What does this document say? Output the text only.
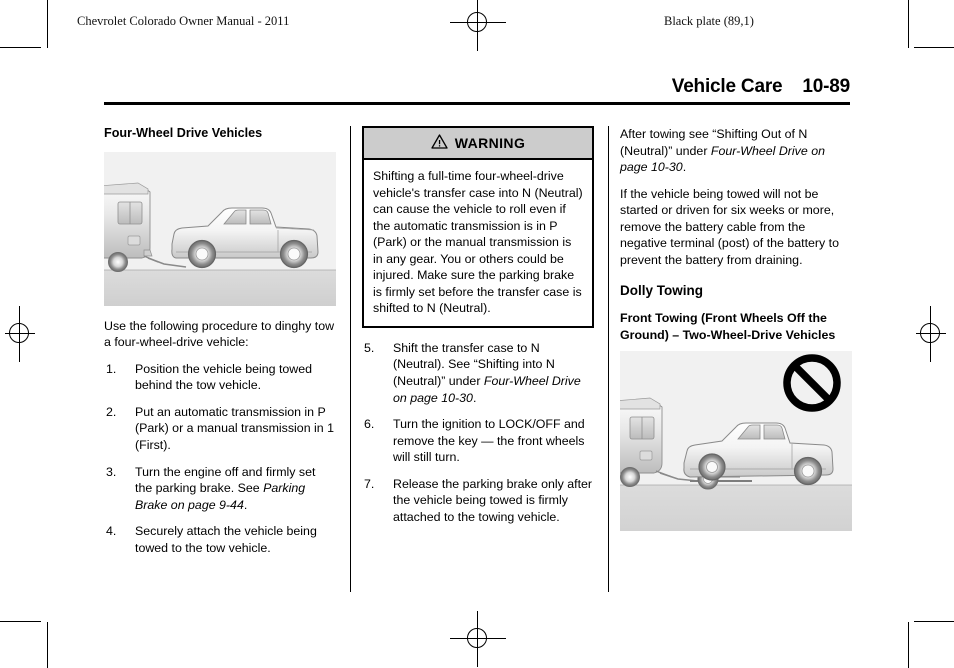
Chevrolet Colorado Owner Manual - 2011	Black plate (89,1)
Vehicle Care 10-89
Four-Wheel Drive Vehicles

Use the following procedure to dinghy tow a four-wheel-drive vehicle:

1.	Position the vehicle being towed behind the tow vehicle.
2.	Put an automatic transmission in P (Park) or a manual transmission in 1 (First).
3.	Turn the engine off and firmly set the parking brake. See Parking Brake on page 9-44.
4.	Securely attach the vehicle being towed to the tow vehicle.
WARNING
Shifting a full-time four-wheel-drive vehicle's transfer case into N (Neutral) can cause the vehicle to roll even if the automatic transmission is in P (Park) or the manual transmission is in any gear. You or others could be injured. Make sure the parking brake is firmly set before the transfer case is shifted to N (Neutral).
5.	Shift the transfer case to N (Neutral). See “Shifting into N (Neutral)” under Four-Wheel Drive on page 10-30.
6.	Turn the ignition to LOCK/OFF and remove the key — the front wheels will still turn.
7.	Release the parking brake only after the vehicle being towed is firmly attached to the towing vehicle.

After towing see “Shifting Out of N (Neutral)” under Four-Wheel Drive on page 10-30.

If the vehicle being towed will not be started or driven for six weeks or more, remove the battery cable from the negative terminal (post) of the battery to prevent the battery from draining.

Dolly Towing
Front Towing (Front Wheels Off the Ground) – Two-Wheel-Drive Vehicles
